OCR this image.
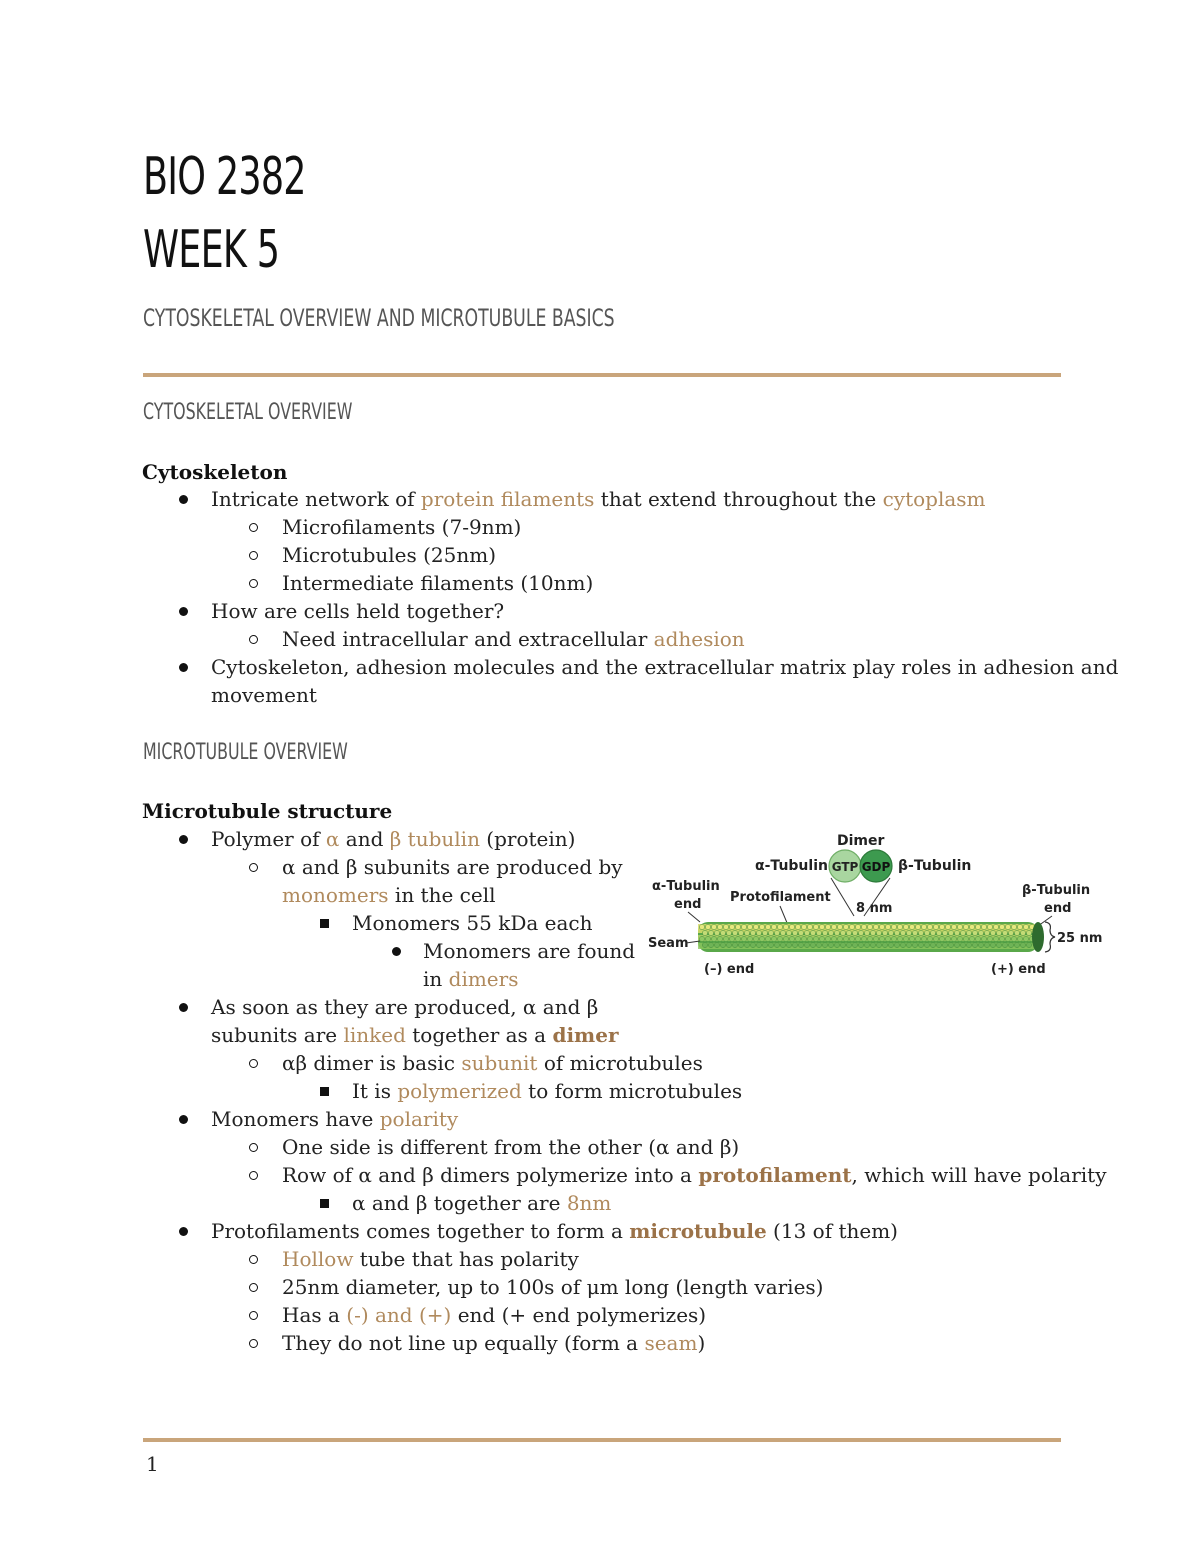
BIO 2382
WEEK 5
CYTOSKELETAL OVERVIEW AND MICROTUBULE BASICS
CYTOSKELETAL OVERVIEW
Cytoskeleton
Intricate network of protein filaments that extend throughout the cytoplasm
Microfilaments (7-9nm)
Microtubules (25nm)
Intermediate filaments (10nm)
How are cells held together?
Need intracellular and extracellular adhesion
Cytoskeleton, adhesion molecules and the extracellular matrix play roles in adhesion and
movement
MICROTUBULE OVERVIEW
Microtubule structure
Polymer of α and β tubulin (protein)
α and β subunits are produced by
monomers in the cell
Monomers 55 kDa each
Monomers are found
in dimers
As soon as they are produced, α and β
subunits are linked together as a dimer
αβ dimer is basic subunit of microtubules
It is polymerized to form microtubules
Monomers have polarity
One side is different from the other (α and β)
Row of α and β dimers polymerize into a protofilament, which will have polarity
α and β together are 8nm
Protofilaments comes together to form a microtubule (13 of them)
Hollow tube that has polarity
25nm diameter, up to 100s of μm long (length varies)
Has a (-) and (+) end (+ end polymerizes)
They do not line up equally (form a seam)
Dimer
α-Tubulin GTP GDP β-Tubulin
α-Tubulin
end Protofilament
8 nm
β-Tubulin
end
Seam	25 nm
(–) end	(+) end
1
